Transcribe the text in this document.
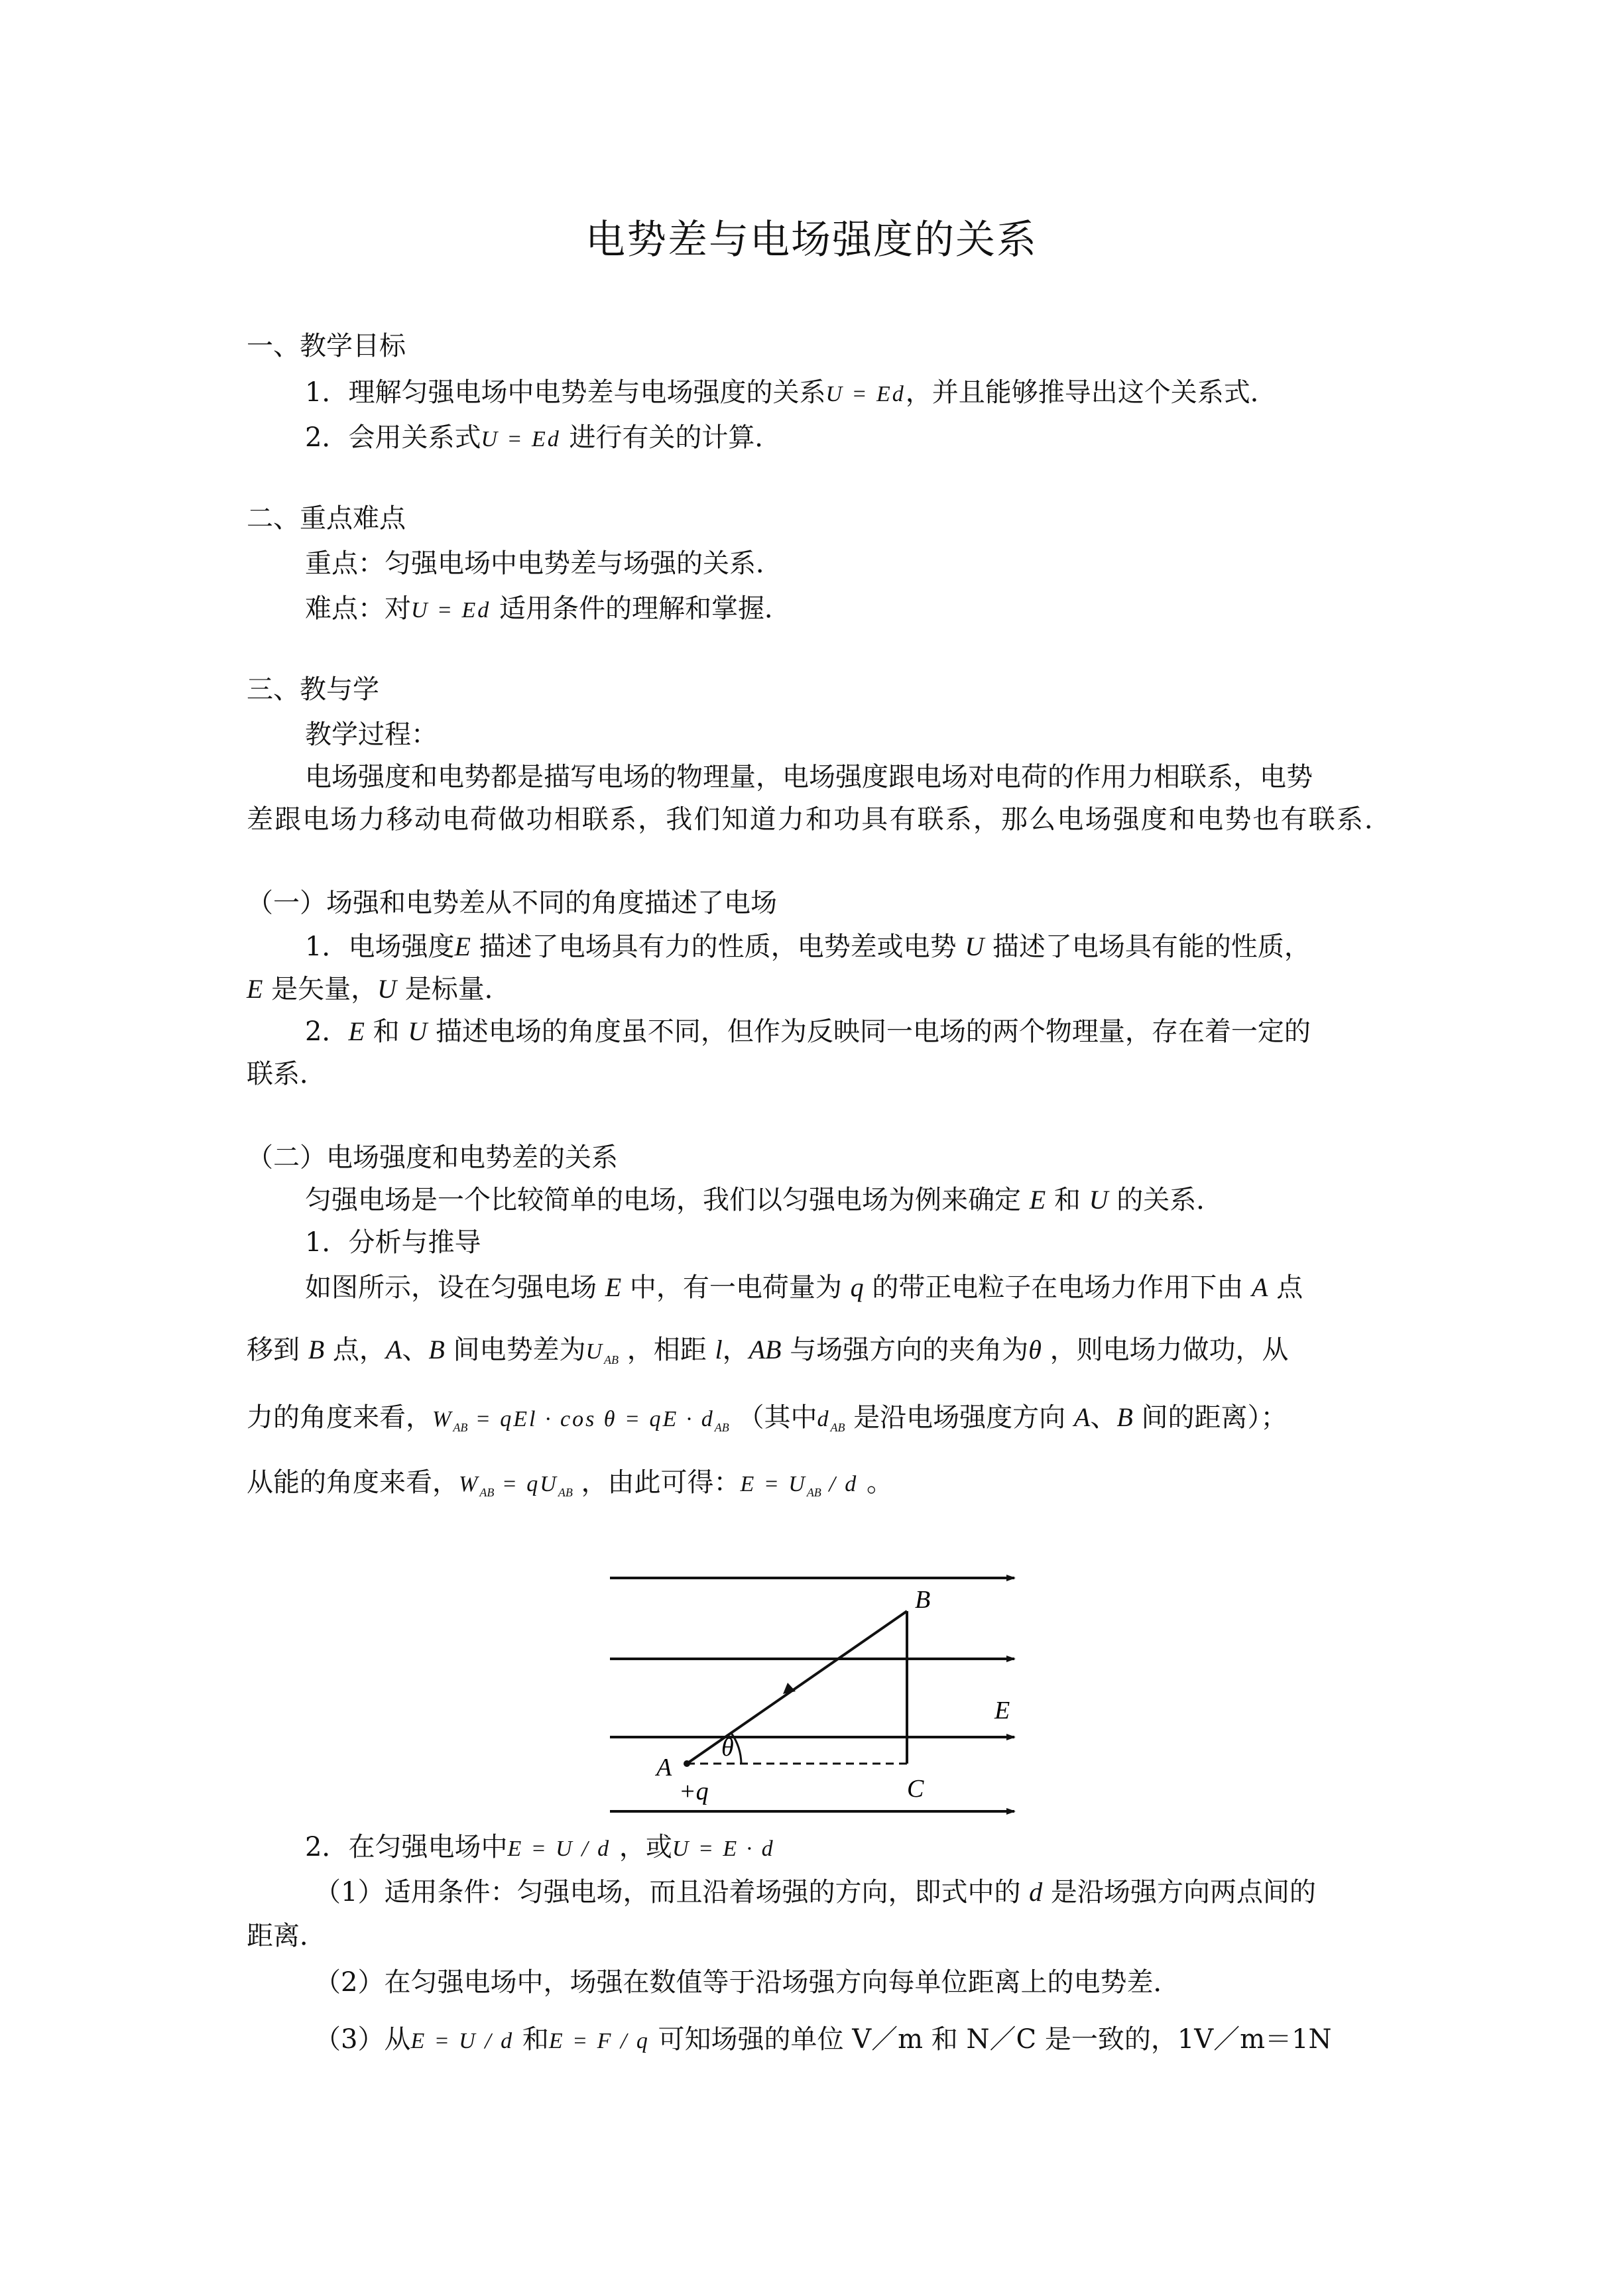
电势差与电场强度的关系
一、教学目标
1．理解匀强电场中电势差与电场强度的关系U = Ed，并且能够推导出这个关系式．
2．会用关系式U = Ed 进行有关的计算．
二、重点难点
重点：匀强电场中电势差与场强的关系．
难点：对U = Ed 适用条件的理解和掌握．
三、教与学
教学过程：
电场强度和电势都是描写电场的物理量，电场强度跟电场对电荷的作用力相联系，电势
差跟电场力移动电荷做功相联系，我们知道力和功具有联系，那么电场强度和电势也有联系．
（一）场强和电势差从不同的角度描述了电场
1．电场强度E 描述了电场具有力的性质，电势差或电势 U 描述了电场具有能的性质，
E 是矢量，U 是标量．
2．E 和 U 描述电场的角度虽不同，但作为反映同一电场的两个物理量，存在着一定的
联系．
（二）电场强度和电势差的关系
匀强电场是一个比较简单的电场，我们以匀强电场为例来确定 E 和 U 的关系．
1．分析与推导
如图所示，设在匀强电场 E 中，有一电荷量为 q 的带正电粒子在电场力作用下由 A 点
移到 B 点，A、B 间电势差为$U_{AB}$ ，相距 l，AB 与场强方向的夹角为θ ，则电场力做功，从
力的角度来看，$W_{AB}$ = qEl · cos θ = qE · $d_{AB}$ （其中$d_{AB}$ 是沿电场强度方向 A、B 间的距离）；
从能的角度来看，$W_{AB} = qU_{AB}$ ，由此可得：$E = U_{AB} / d$ 。
B
E
A
θ
+q	C
2．在匀强电场中E = U / d ，或U = E · d
（1）适用条件：匀强电场，而且沿着场强的方向，即式中的 d 是沿场强方向两点间的
距离．
（2）在匀强电场中，场强在数值等于沿场强方向每单位距离上的电势差．
（3）从E = U / d 和E = F / q 可知场强的单位 V／m 和 N／C 是一致的，1V／m＝1N
